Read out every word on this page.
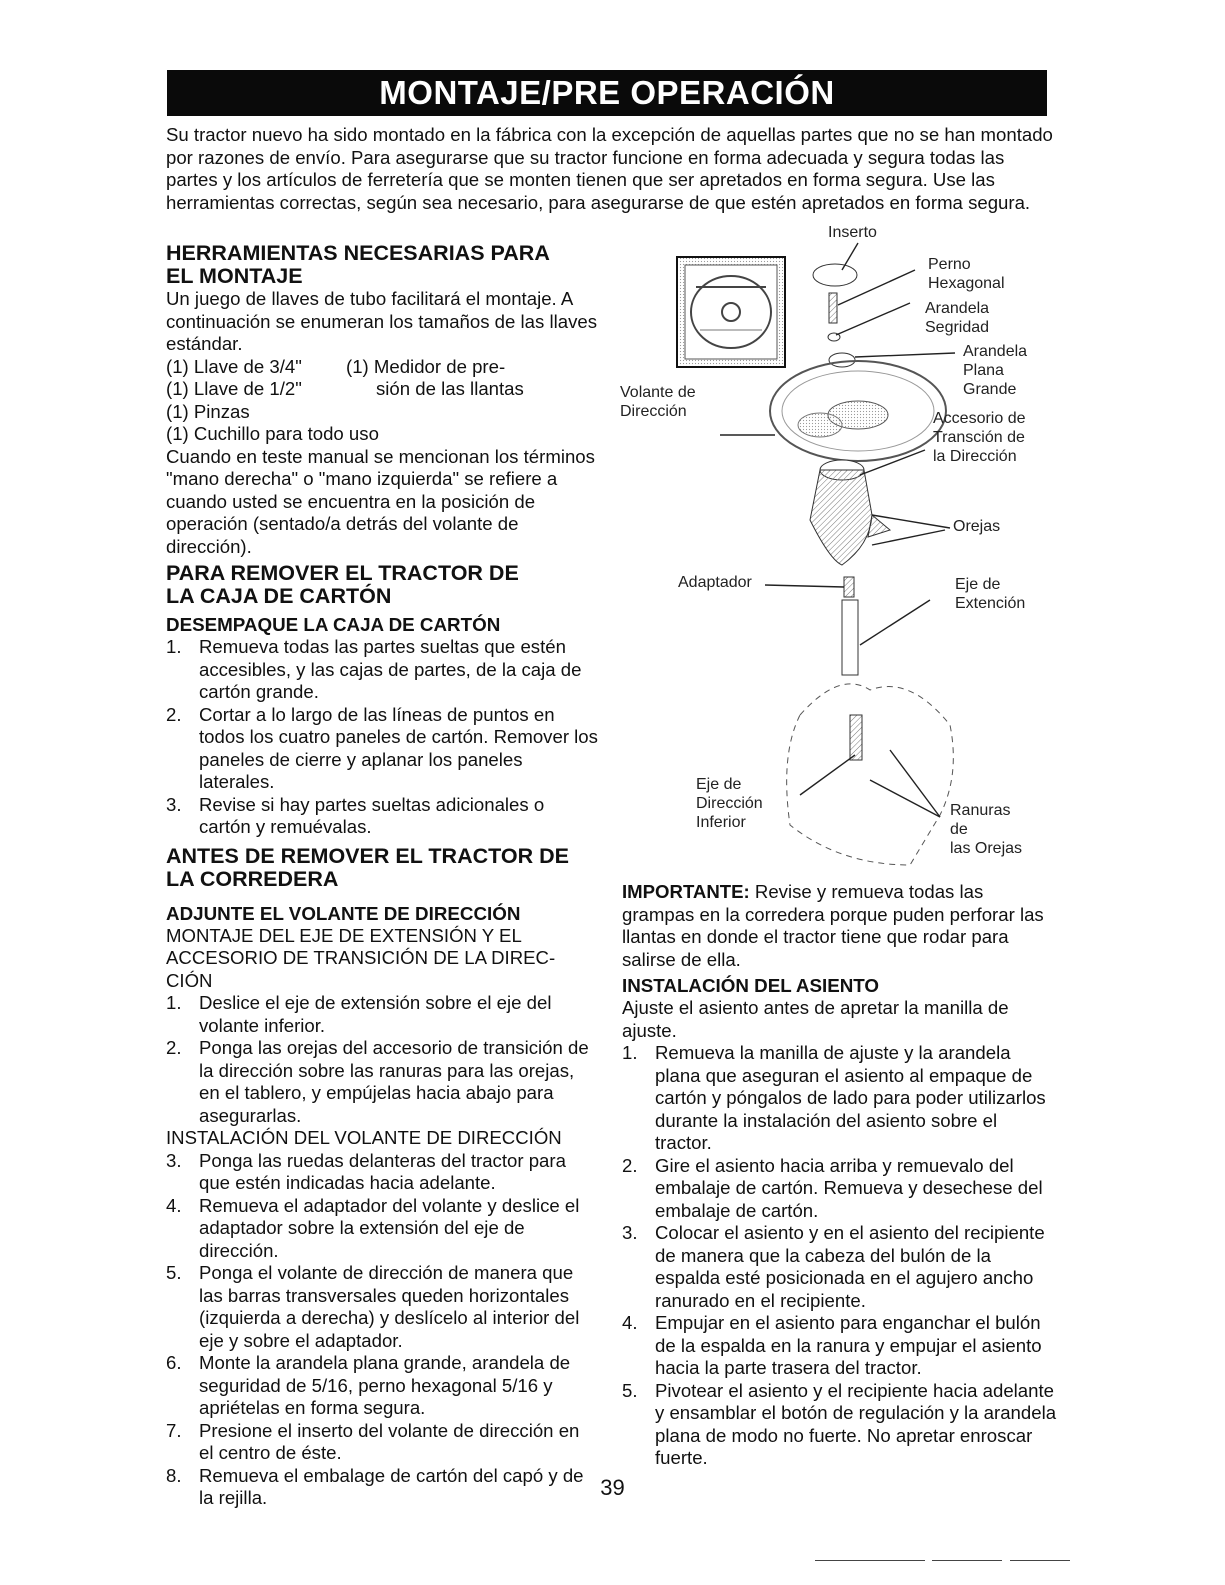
MONTAJE/PRE OPERACIÓN

Su tractor nuevo ha sido montado en la fábrica con la excepción de aquellas partes que no se han montado por razones de envío. Para asegurarse que su tractor funcione en forma adecuada y segura todas las partes y los artículos de ferretería que se monten tienen que ser apretados en forma segura. Use las herramientas correctas, según sea necesario, para asegurarse de que estén apretados en forma segura.

HERRAMIENTAS NECESARIAS PARA
EL MONTAJE

Un juego de llaves de tubo facilitará el montaje. A continuación se enumeran los tamaños de las llaves estándar.

(1) Llave de 3/4"	(1) Medidor de pre-
(1) Llave de 1/2"	sión de las llantas
(1) Pinzas
(1) Cuchillo para todo uso

Cuando en teste manual se mencionan los términos "mano derecha" o "mano izquierda" se refiere a cuando usted se encuentra en la posición de operación (sentado/a detrás del volante de dirección).

PARA REMOVER EL TRACTOR DE
LA CAJA DE CARTÓN
DESEMPAQUE LA CAJA DE CARTÓN
1. Remueva todas las partes sueltas que estén accesibles, y las cajas de partes, de la caja de cartón grande.
2. Cortar a lo largo de las líneas de puntos en todos los cuatro paneles de cartón. Remover los paneles de cierre y aplanar los paneles laterales.
3. Revise si hay partes sueltas adicionales o cartón y remuévalas.
ANTES DE REMOVER EL TRACTOR DE
LA CORREDERA
ADJUNTE EL VOLANTE DE DIRECCIÓN

MONTAJE DEL EJE DE EXTENSIÓN Y EL ACCESORIO DE TRANSICIÓN DE LA DIREC-CIÓN

1. Deslice el eje de extensión sobre el eje del volante inferior.
2. Ponga las orejas del accesorio de transición de la dirección sobre las ranuras para las orejas, en el tablero, y empújelas hacia abajo para asegurarlas.

INSTALACIÓN DEL VOLANTE DE DIRECCIÓN

3. Ponga las ruedas delanteras del tractor para que estén indicadas hacia adelante.
4. Remueva el adaptador del volante y deslice el adaptador sobre la extensión del eje de dirección.
5. Ponga el volante de dirección de manera que las barras transversales queden horizontales (izquierda a derecha) y deslícelo al interior del eje y sobre el adaptador.
6. Monte la arandela plana grande, arandela de seguridad de 5/16, perno hexagonal 5/16 y apriételas en forma segura.
7. Presione el inserto del volante de dirección en el centro de éste.
8. Remueva el embalage de cartón del capó y de la rejilla.
Inserto
Perno
Hexagonal
Arandela
Segridad
Arandela
Plana
Grande
Volante de
Dirección	Accesorio de
Transción de
la Dirección
Orejas
Adaptador	Eje de
Extención
Eje de
Dirección
Inferior
Ranuras
de
las Orejas

IMPORTANTE: Revise y remueva todas las grampas en la corredera porque puden perforar las llantas en donde el tractor tiene que rodar para salirse de ella.

INSTALACIÓN DEL ASIENTO

Ajuste el asiento antes de apretar la manilla de ajuste.

1. Remueva la manilla de ajuste y la arandela plana que aseguran el asiento al empaque de cartón y póngalos de lado para poder utilizarlos durante la instalación del asiento sobre el tractor.
2. Gire el asiento hacia arriba y remuevalo del embalaje de cartón. Remueva y desechese del embalaje de cartón.
3. Colocar el asiento y en el asiento del recipiente de manera que la cabeza del bulón de la espalda esté posicionada en el agujero ancho ranurado en el recipiente.
4. Empujar en el asiento para enganchar el bulón de la espalda en la ranura y empujar el asiento hacia la parte trasera del tractor.
5. Pivotear el asiento y el recipiente hacia adelante y ensamblar el botón de regulación y la arandela plana de modo no fuerte. No apretar enroscar fuerte.
39
